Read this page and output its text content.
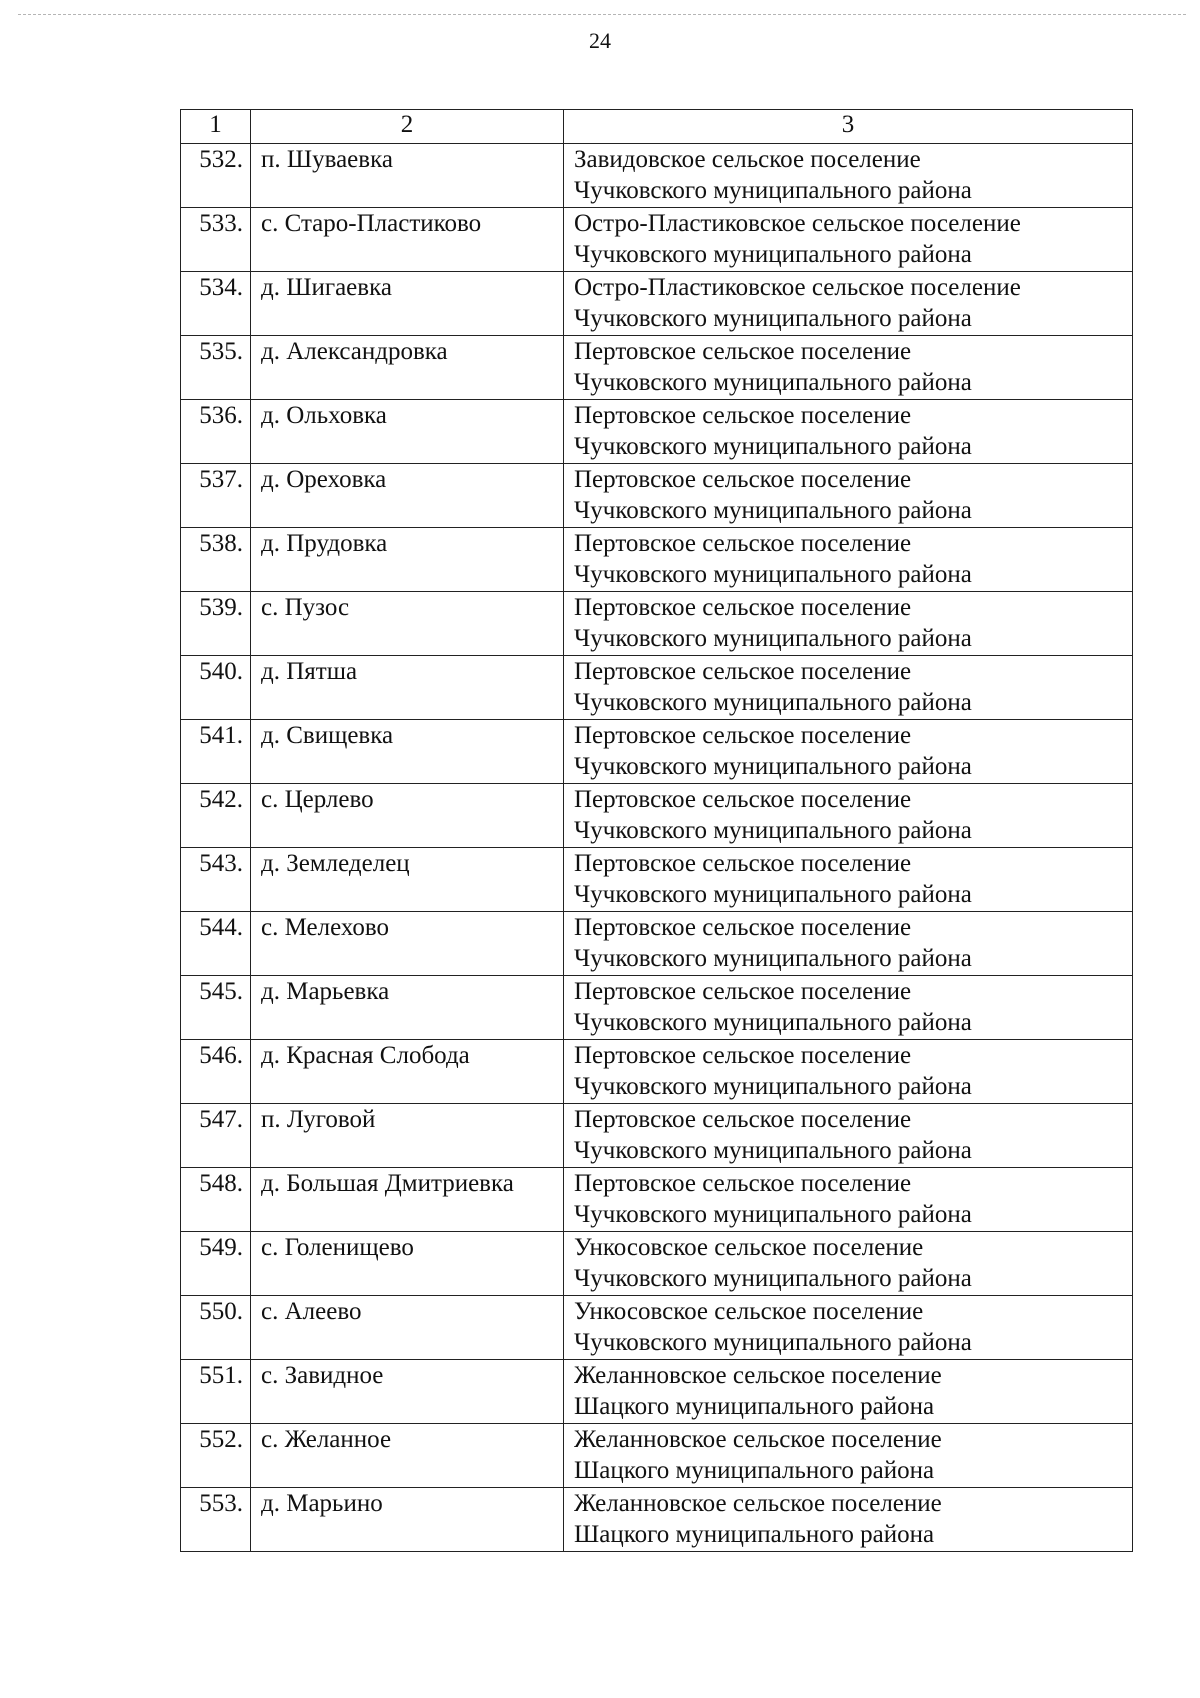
24
1	2	3
532.	п. Шуваевка	Завидовское сельское поселение
Чучковского муниципального района

533.	с. Старо-Пластиково	Остро-Пластиковское сельское поселение
Чучковского муниципального района

534.	д. Шигаевка	Остро-Пластиковское сельское поселение
Чучковского муниципального района

535.	д. Александровка	Пертовское сельское поселение
Чучковского муниципального района

536.	д. Ольховка	Пертовское сельское поселение
Чучковского муниципального района

537.	д. Ореховка	Пертовское сельское поселение
Чучковского муниципального района

538.	д. Прудовка	Пертовское сельское поселение
Чучковского муниципального района

539.	с. Пузос	Пертовское сельское поселение
Чучковского муниципального района

540.	д. Пятша	Пертовское сельское поселение
Чучковского муниципального района

541.	д. Свищевка	Пертовское сельское поселение
Чучковского муниципального района

542.	с. Церлево	Пертовское сельское поселение
Чучковского муниципального района

543.	д. Земледелец	Пертовское сельское поселение
Чучковского муниципального района

544.	с. Мелехово	Пертовское сельское поселение
Чучковского муниципального района

545.	д. Марьевка	Пертовское сельское поселение
Чучковского муниципального района

546.	д. Красная Слобода	Пертовское сельское поселение
Чучковского муниципального района

547.	п. Луговой	Пертовское сельское поселение
Чучковского муниципального района

548.	д. Большая Дмитриевка	Пертовское сельское поселение
Чучковского муниципального района

549.	с. Голенищево	Ункосовское сельское поселение
Чучковского муниципального района

550.	с. Алеево	Ункосовское сельское поселение
Чучковского муниципального района

551.	с. Завидное	Желанновское сельское поселение
Шацкого муниципального района

552.	с. Желанное	Желанновское сельское поселение
Шацкого муниципального района

553.	д. Марьино	Желанновское сельское поселение
Шацкого муниципального района
